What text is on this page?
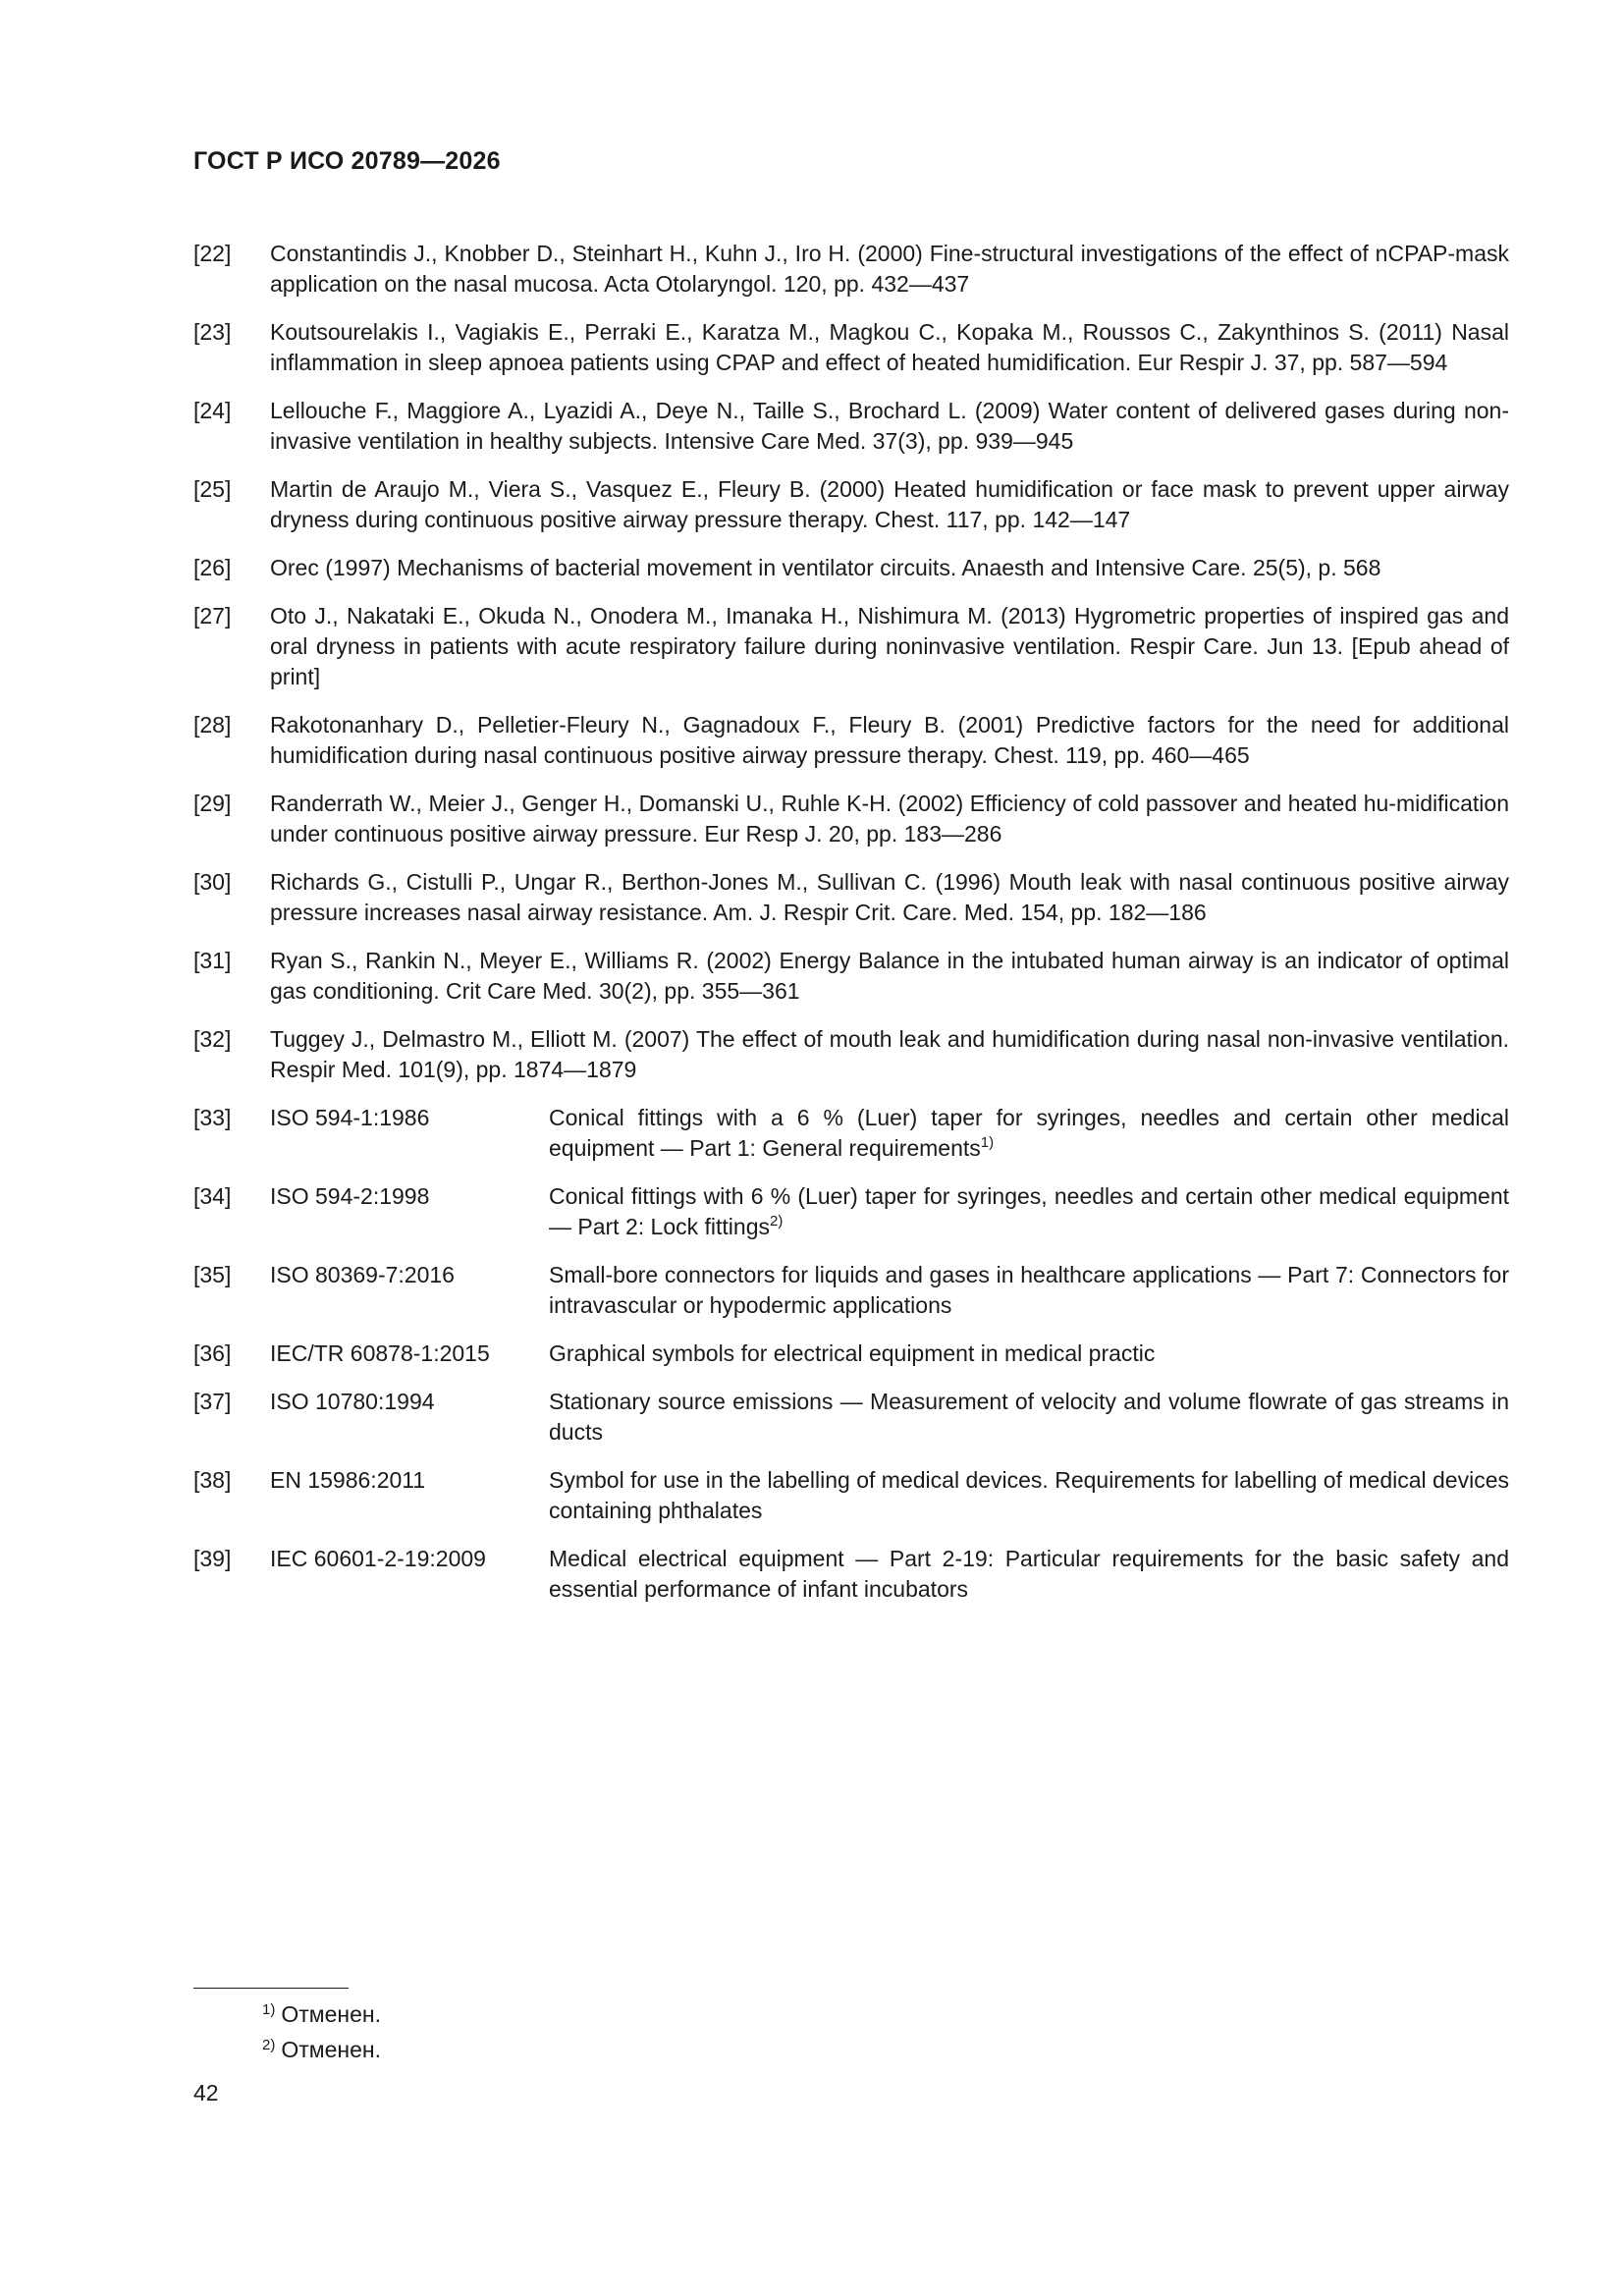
ГОСТ Р ИСО 20789—2026
[22]	Constantindis J., Knobber D., Steinhart H., Kuhn J., Iro H. (2000) Fine-structural investigations of the effect of nCPAP-mask application on the nasal mucosa. Acta Otolaryngol. 120, pp. 432—437
[23]	Koutsourelakis I., Vagiakis E., Perraki E., Karatza M., Magkou C., Kopaka M., Roussos C., Zakynthinos S. (2011) Nasal inflammation in sleep apnoea patients using CPAP and effect of heated humidification. Eur Respir J. 37, pp. 587—594
[24]	Lellouche F., Maggiore A., Lyazidi A., Deye N., Taille S., Brochard L. (2009) Water content of delivered gases during non-invasive ventilation in healthy subjects. Intensive Care Med. 37(3), pp. 939—945
[25]	Martin de Araujo M., Viera S., Vasquez E., Fleury B. (2000) Heated humidification or face mask to prevent upper airway dryness during continuous positive airway pressure therapy. Chest. 117, pp. 142—147
[26]	Orec (1997) Mechanisms of bacterial movement in ventilator circuits. Anaesth and Intensive Care. 25(5), p. 568
[27]	Oto J., Nakataki E., Okuda N., Onodera M., Imanaka H., Nishimura M. (2013) Hygrometric properties of inspired gas and oral dryness in patients with acute respiratory failure during noninvasive ventilation. Respir Care. Jun 13. [Epub ahead of print]
[28]	Rakotonanhary D., Pelletier-Fleury N., Gagnadoux F., Fleury B. (2001) Predictive factors for the need for additional humidification during nasal continuous positive airway pressure therapy. Chest. 119, pp. 460—465
[29]	Randerrath W., Meier J., Genger H., Domanski U., Ruhle K-H. (2002) Efficiency of cold passover and heated hu-midification under continuous positive airway pressure. Eur Resp J. 20, pp. 183—286
[30]	Richards G., Cistulli P., Ungar R., Berthon-Jones M., Sullivan C. (1996) Mouth leak with nasal continuous positive airway pressure increases nasal airway resistance. Am. J. Respir Crit. Care. Med. 154, pp. 182—186
[31]	Ryan S., Rankin N., Meyer E., Williams R. (2002) Energy Balance in the intubated human airway is an indicator of optimal gas conditioning. Crit Care Med. 30(2), pp. 355—361
[32]	Tuggey J., Delmastro M., Elliott M. (2007) The effect of mouth leak and humidification during nasal non-invasive ventilation. Respir Med. 101(9), pp. 1874—1879
[33]	ISO 594-1:1986	Conical fittings with a 6 % (Luer) taper for syringes, needles and certain other medical equipment — Part 1: General requirements$^{1)}$
[34]	ISO 594-2:1998	Conical fittings with 6 % (Luer) taper for syringes, needles and certain other medical equipment — Part 2: Lock fittings$^{2)}$
[35]	ISO 80369-7:2016	Small-bore connectors for liquids and gases in healthcare applications — Part 7: Connectors for intravascular or hypodermic applications
[36]	IEC/TR 60878-1:2015	Graphical symbols for electrical equipment in medical practic
[37]	ISO 10780:1994	Stationary source emissions — Measurement of velocity and volume flowrate of gas streams in ducts
[38]	EN 15986:2011	Symbol for use in the labelling of medical devices. Requirements for labelling of medical devices containing phthalates
[39]	IEC 60601-2-19:2009	Medical electrical equipment — Part 2-19: Particular requirements for the basic safety and essential performance of infant incubators
$^{1)}$ Отменен.
$^{2)}$ Отменен.
42
